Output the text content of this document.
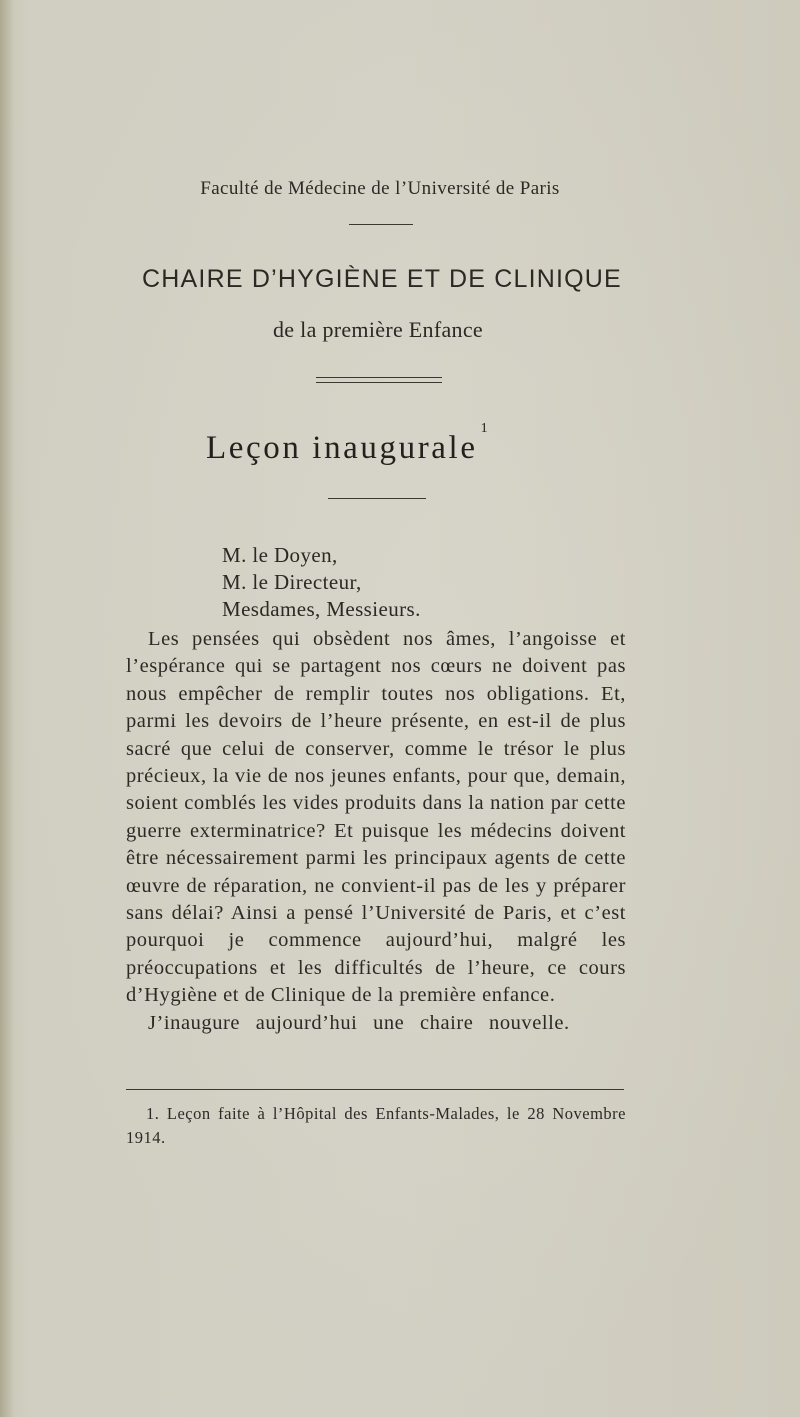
Faculté de Médecine de l’Université de Paris
CHAIRE D’HYGIÈNE ET DE CLINIQUE
de la première Enfance
Leçon inaugurale$^1$
M. le Doyen,
M. le Directeur,
Mesdames, Messieurs.

Les pensées qui obsèdent nos âmes, l’angoisse et l’espérance qui se partagent nos cœurs ne doivent pas nous empêcher de remplir toutes nos obligations. Et, parmi les devoirs de l’heure présente, en est-il de plus sacré que celui de conserver, comme le trésor le plus précieux, la vie de nos jeunes enfants, pour que, demain, soient comblés les vides produits dans la nation par cette guerre exterminatrice? Et puisque les médecins doivent être nécessairement parmi les principaux agents de cette œuvre de réparation, ne convient-il pas de les y préparer sans délai? Ainsi a pensé l’Université de Paris, et c’est pourquoi je commence aujourd’hui, malgré les préoccupations et les difficultés de l’heure, ce cours d’Hygiène et de Clinique de la première enfance.

J’inaugure aujourd’hui une chaire nouvelle.

1. Leçon faite à l’Hôpital des Enfants-Malades, le 28 Novembre 1914.
